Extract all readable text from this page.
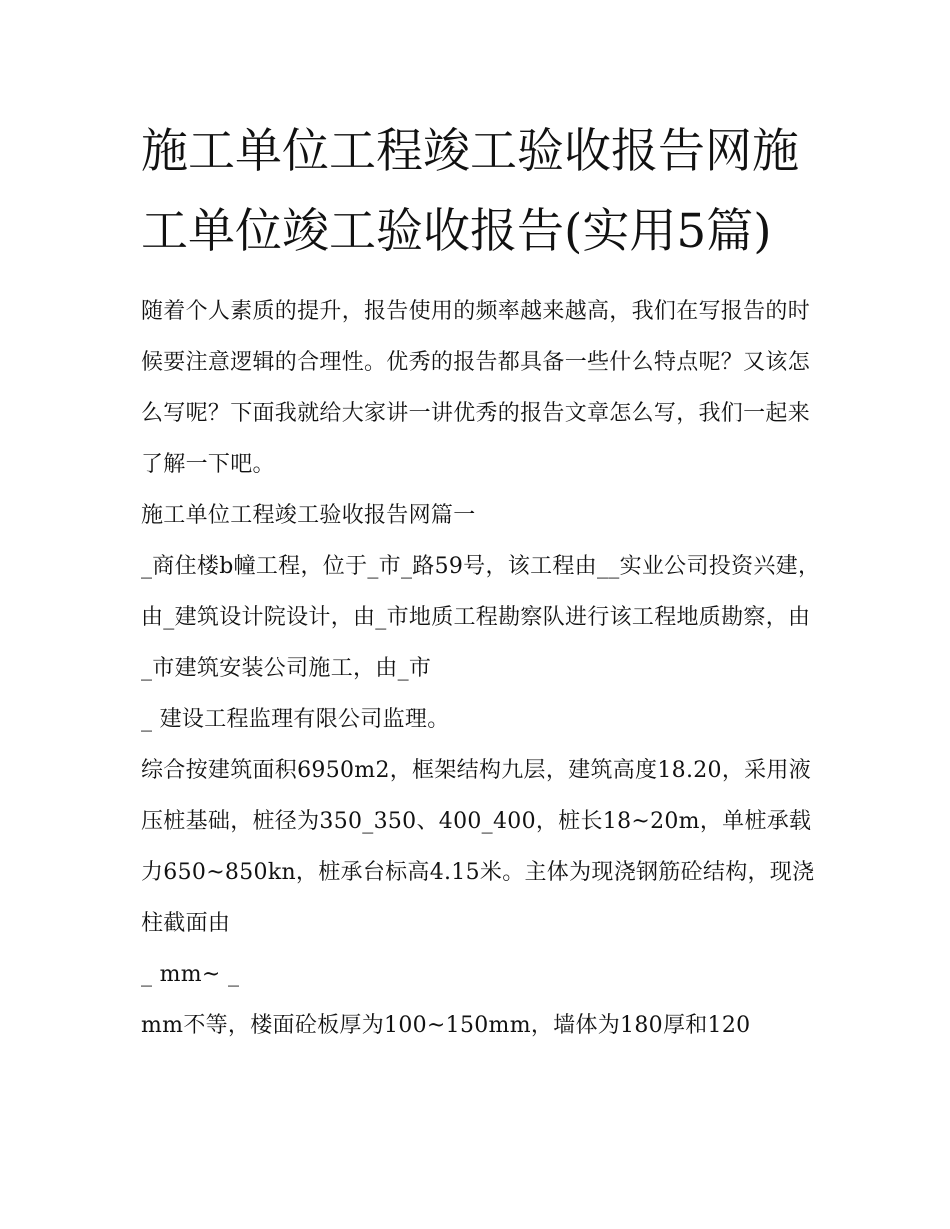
施工单位工程竣工验收报告网施工单位竣工验收报告(实用5篇)

随着个人素质的提升，报告使用的频率越来越高，我们在写报告的时候要注意逻辑的合理性。优秀的报告都具备一些什么特点呢？又该怎么写呢？下面我就给大家讲一讲优秀的报告文章怎么写，我们一起来了解一下吧。

施工单位工程竣工验收报告网篇一

_商住楼b幢工程，位于_市_路59号，该工程由__实业公司投资兴建，由_建筑设计院设计，由_市地质工程勘察队进行该工程地质勘察，由_市建筑安装公司施工，由_市

_ 建设工程监理有限公司监理。

综合按建筑面积6950m2，框架结构九层，建筑高度18.20，采用液压桩基础，桩径为350_350、400_400，桩长18~20m，单桩承载力650~850kn，桩承台标高4.15米。主体为现浇钢筋砼结构，现浇柱截面由

_ mm~ _

mm不等，楼面砼板厚为100~150mm，墙体为180厚和120
